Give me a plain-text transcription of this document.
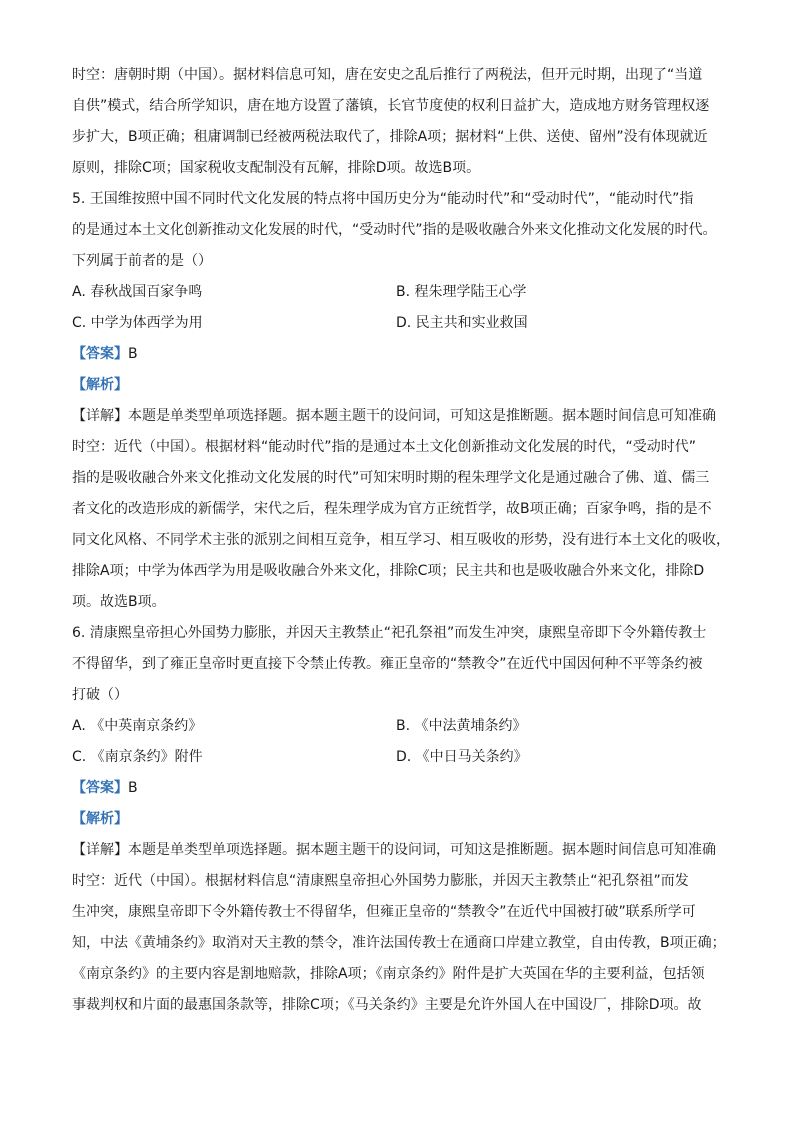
时空：唐朝时期（中国）。据材料信息可知，唐在安史之乱后推行了两税法，但开元时期，出现了“当道
自供”模式，结合所学知识，唐在地方设置了藩镇，长官节度使的权利日益扩大，造成地方财务管理权逐
步扩大，B项正确；租庸调制已经被两税法取代了，排除A项；据材料“上供、送使、留州”没有体现就近
原则，排除C项；国家税收支配制没有瓦解，排除D项。故选B项。
5. 王国维按照中国不同时代文化发展的特点将中国历史分为“能动时代”和“受动时代”，“能动时代”指
的是通过本土文化创新推动文化发展的时代，“受动时代”指的是吸收融合外来文化推动文化发展的时代。
下列属于前者的是（）
A. 春秋战国百家争鸣	B. 程朱理学陆王心学
C. 中学为体西学为用	D. 民主共和实业救国
【答案】B
【解析】
【详解】本题是单类型单项选择题。据本题主题干的设问词，可知这是推断题。据本题时间信息可知准确
时空：近代（中国）。根据材料“能动时代”指的是通过本土文化创新推动文化发展的时代，“受动时代”
指的是吸收融合外来文化推动文化发展的时代”可知宋明时期的程朱理学文化是通过融合了佛、道、儒三
者文化的改造形成的新儒学，宋代之后，程朱理学成为官方正统哲学，故B项正确；百家争鸣，指的是不
同文化风格、不同学术主张的派别之间相互竞争，相互学习、相互吸收的形势，没有进行本土文化的吸收，
排除A项；中学为体西学为用是吸收融合外来文化，排除C项；民主共和也是吸收融合外来文化，排除D
项。故选B项。
6. 清康熙皇帝担心外国势力膨胀，并因天主教禁止“祀孔祭祖”而发生冲突，康熙皇帝即下令外籍传教士
不得留华，到了雍正皇帝时更直接下令禁止传教。雍正皇帝的“禁教令”在近代中国因何种不平等条约被
打破（）
A. 《中英南京条约》	B. 《中法黄埔条约》
C. 《南京条约》附件	D. 《中日马关条约》
【答案】B
【解析】
【详解】本题是单类型单项选择题。据本题主题干的设问词，可知这是推断题。据本题时间信息可知准确
时空：近代（中国）。根据材料信息“清康熙皇帝担心外国势力膨胀，并因天主教禁止“祀孔祭祖”而发
生冲突，康熙皇帝即下令外籍传教士不得留华，但雍正皇帝的“禁教令”在近代中国被打破”联系所学可
知，中法《黄埔条约》取消对天主教的禁令，准许法国传教士在通商口岸建立教堂，自由传教，B项正确；
《南京条约》的主要内容是割地赔款，排除A项；《南京条约》附件是扩大英国在华的主要利益，包括领
事裁判权和片面的最惠国条款等，排除C项；《马关条约》主要是允许外国人在中国设厂，排除D项。故
